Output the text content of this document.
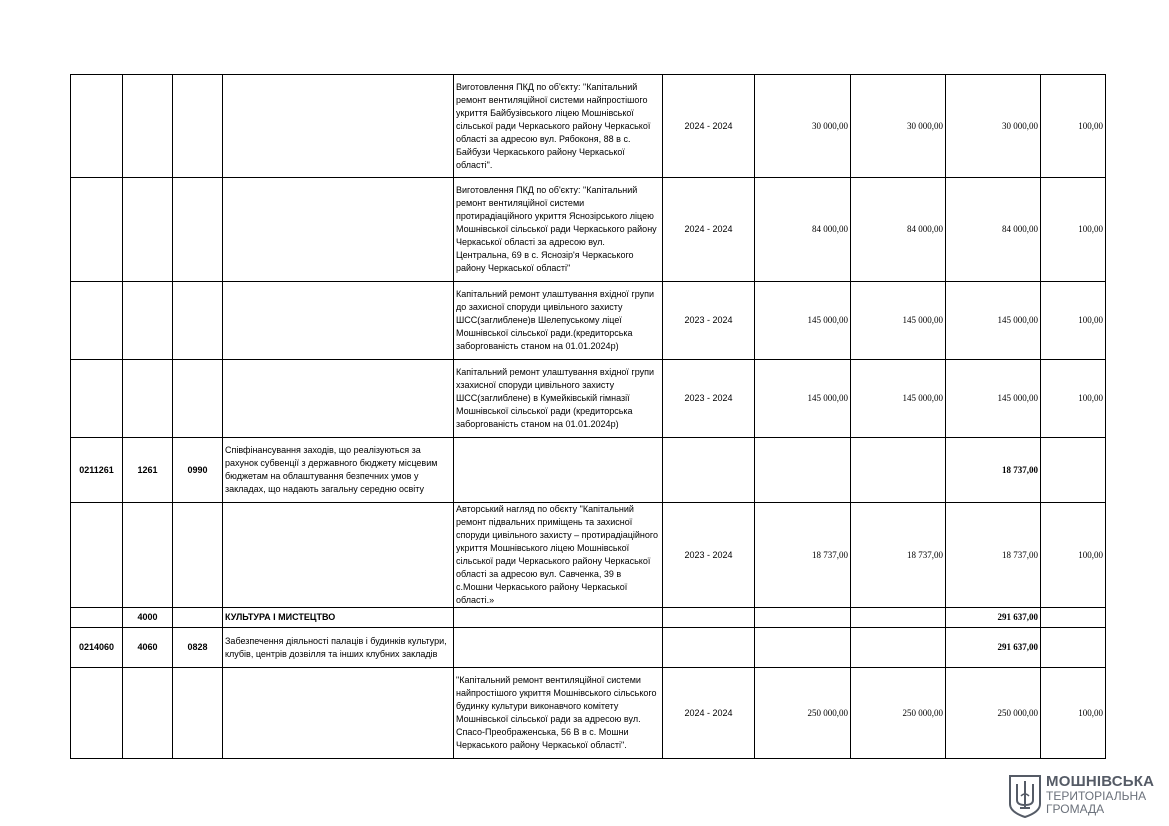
				Виготовлення ПКД по об'єкту: "Капітальний ремонт вентиляційної системи найпростішого укриття Байбузівського ліцею Мошнівської сільської ради Черкаського району Черкаської області за адресою вул. Рябоконя, 88 в с. Байбузи Черкаського району Черкаської області".	2024 - 2024	30 000,00	30 000,00	30 000,00	100,00
				Виготовлення ПКД по об'єкту: "Капітальний ремонт вентиляційної системи протирадіаційного укриття Яснозірського ліцею Мошнівської сільської ради Черкаського району Черкаської області за адресою вул. Центральна, 69 в с. Яснозір'я Черкаського району Черкаської області"	2024 - 2024	84 000,00	84 000,00	84 000,00	100,00
				Капітальний ремонт улаштування вхідної групи до захисної споруди цивільного захисту ШСС(заглиблене)в Шелепуському ліцеї Мошнівської сільської ради.(кредиторська заборгованість станом на 01.01.2024р)	2023 - 2024	145 000,00	145 000,00	145 000,00	100,00
				Капітальний ремонт улаштування вхідної групи хзахисної споруди цивільного захисту ШСС(заглиблене) в Кумейківській гімназії Мошнівської сільської ради (кредиторська заборгованість станом на 01.01.2024р)	2023 - 2024	145 000,00	145 000,00	145 000,00	100,00
0211261	1261	0990	Співфінансування заходів, що реалізуються за рахунок субвенції з державного бюджету місцевим бюджетам на облаштування безпечних умов у закладах, що надають загальну середню освіту					18 737,00	
				Авторський нагляд по обєкту "Капітальний ремонт підвальних приміщень та захисної споруди цивільного захисту – протирадіаційного укриття Мошнівського ліцею Мошнівської сільської ради Черкаського району Черкаської області за адресою вул. Савченка, 39 в с.Мошни Черкаського району Черкаської області.»	2023 - 2024	18 737,00	18 737,00	18 737,00	100,00
	4000		КУЛЬТУРА І МИСТЕЦТВО					291 637,00	
0214060	4060	0828	Забезпечення діяльності палаців і будинків культури, клубів, центрів дозвілля та інших клубних закладів					291 637,00	
				"Капітальний ремонт вентиляційної системи найпростішого укриття Мошнівського сільського будинку культури виконавчого комітету Мошнівської сільської ради за адресою вул. Спасо-Преображенська, 56 В в с. Мошни Черкаського району Черкаської області".	2024 - 2024	250 000,00	250 000,00	250 000,00	100,00
МОШНІВСЬКА
ТЕРИТОРІАЛЬНА
ГРОМАДА
